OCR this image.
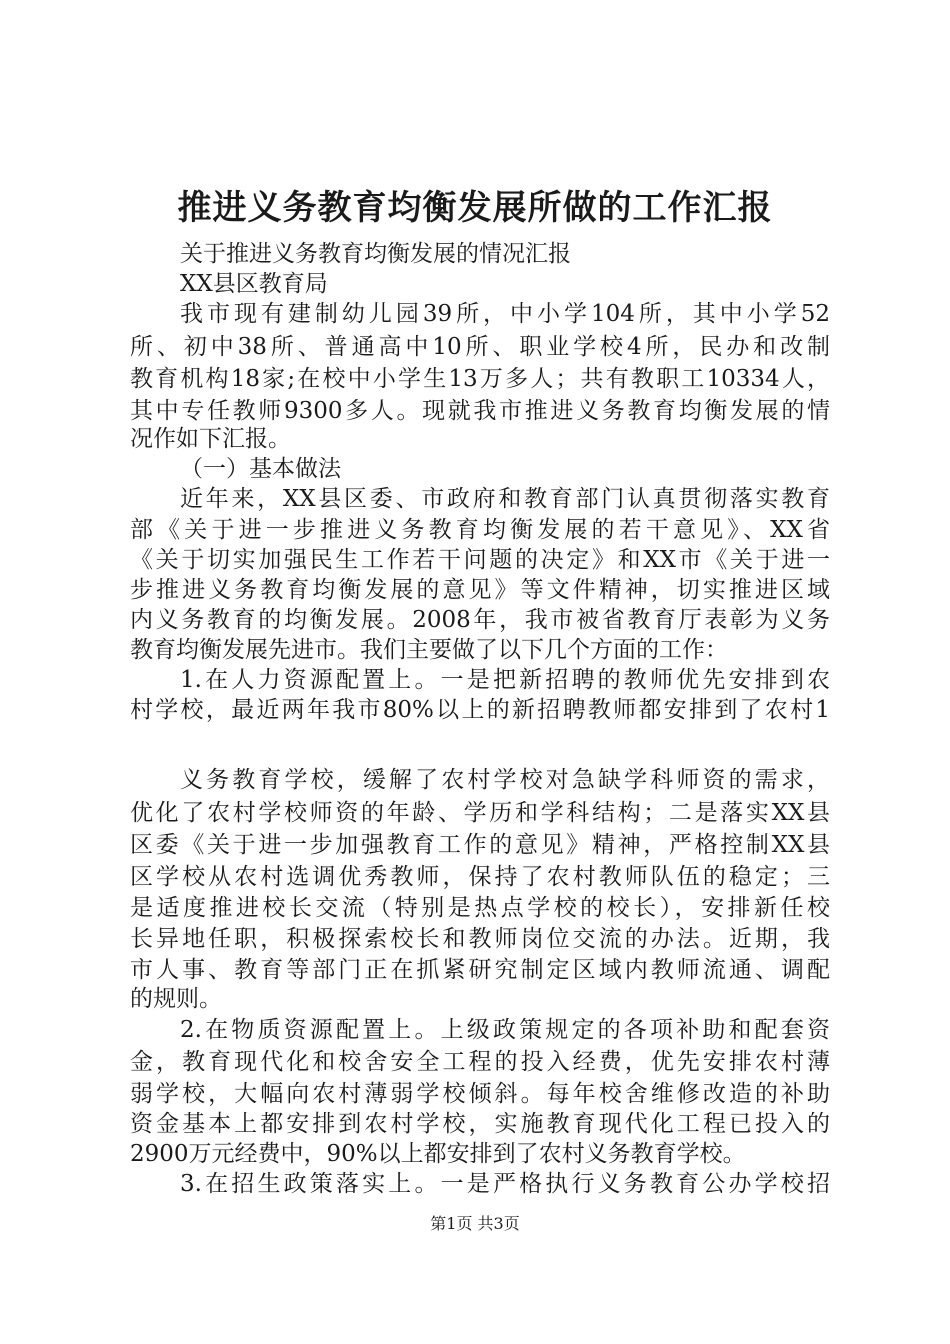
推进义务教育均衡发展所做的工作汇报
关于推进义务教育均衡发展的情况汇报
XX县区教育局
我市现有建制幼儿园39所，中小学104所，其中小学52
所、初中38所、普通高中10所、职业学校4所，民办和改制
教育机构18家;在校中小学生13万多人；共有教职工10334人，
其中专任教师9300多人。现就我市推进义务教育均衡发展的情
况作如下汇报。
（一）基本做法
近年来，XX县区委、市政府和教育部门认真贯彻落实教育
部《关于进一步推进义务教育均衡发展的若干意见》、XX省
《关于切实加强民生工作若干问题的决定》和XX市《关于进一
步推进义务教育均衡发展的意见》等文件精神，切实推进区域
内义务教育的均衡发展。2008年，我市被省教育厅表彰为义务
教育均衡发展先进市。我们主要做了以下几个方面的工作：
1.在人力资源配置上。一是把新招聘的教师优先安排到农
村学校，最近两年我市80%以上的新招聘教师都安排到了农村1
义务教育学校，缓解了农村学校对急缺学科师资的需求，
优化了农村学校师资的年龄、学历和学科结构；二是落实XX县
区委《关于进一步加强教育工作的意见》精神，严格控制XX县
区学校从农村选调优秀教师，保持了农村教师队伍的稳定；三
是适度推进校长交流（特别是热点学校的校长），安排新任校
长异地任职，积极探索校长和教师岗位交流的办法。近期，我
市人事、教育等部门正在抓紧研究制定区域内教师流通、调配
的规则。
2.在物质资源配置上。上级政策规定的各项补助和配套资
金，教育现代化和校舍安全工程的投入经费，优先安排农村薄
弱学校，大幅向农村薄弱学校倾斜。每年校舍维修改造的补助
资金基本上都安排到农村学校，实施教育现代化工程已投入的
2900万元经费中，90%以上都安排到了农村义务教育学校。
3.在招生政策落实上。一是严格执行义务教育公办学校招
第1页 共3页
